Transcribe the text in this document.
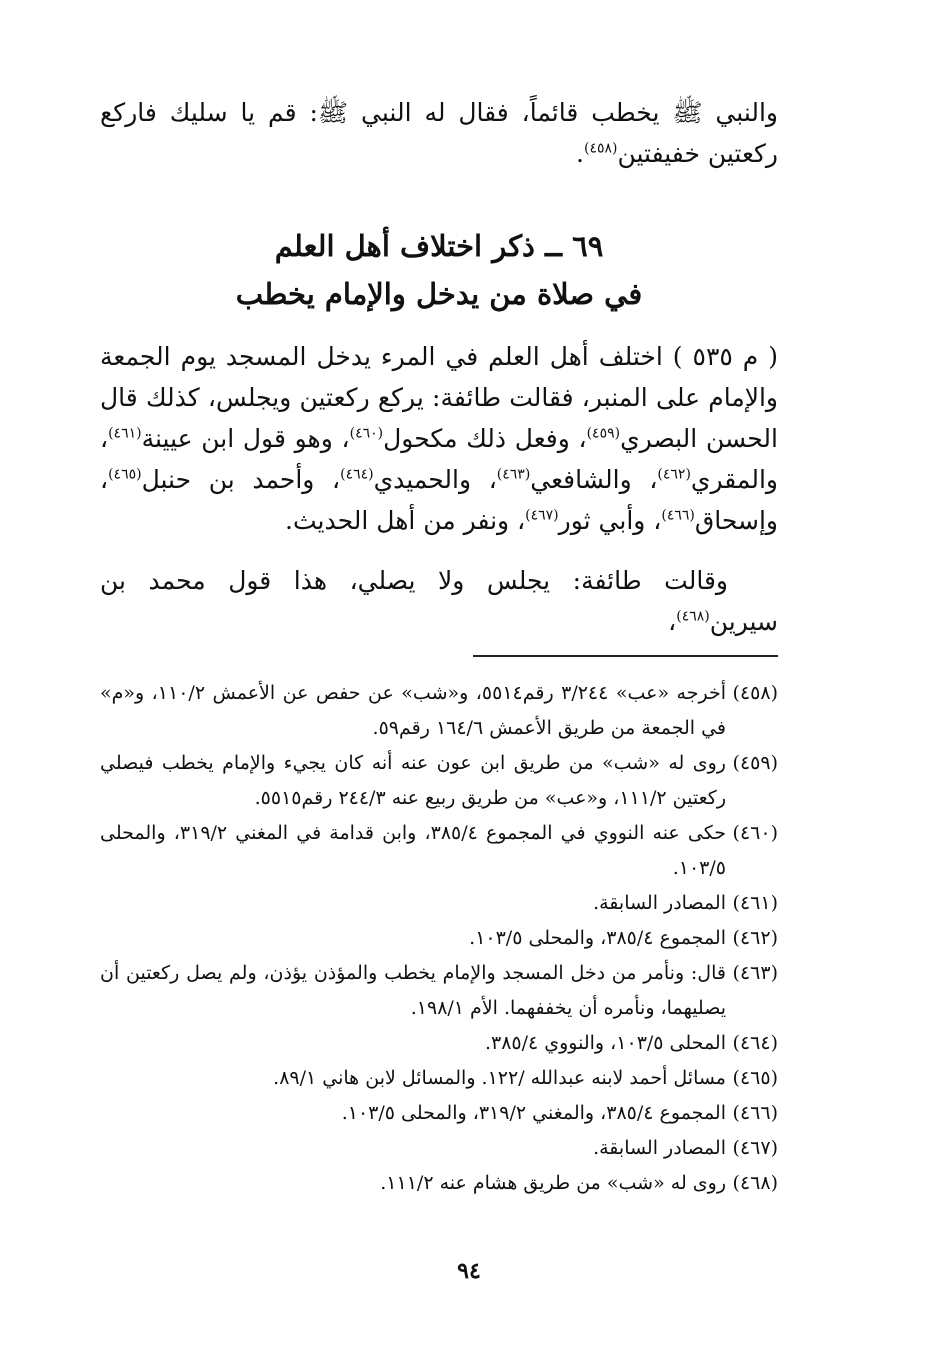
والنبي ﷺ يخطب قائماً، فقال له النبي ﷺ: قم يا سليك فاركع ركعتين خفيفتين$^{(٤٥٨)}$.

٦٩ ــ ذكر اختلاف أهل العلم
في صلاة من يدخل والإمام يخطب

( م ٥٣٥ ) اختلف أهل العلم في المرء يدخل المسجد يوم الجمعة والإمام على المنبر، فقالت طائفة: يركع ركعتين ويجلس، كذلك قال الحسن البصري$^{(٤٥٩)}$، وفعل ذلك مكحول$^{(٤٦٠)}$، وهو قول ابن عيينة$^{(٤٦١)}$، والمقري$^{(٤٦٢)}$، والشافعي$^{(٤٦٣)}$، والحميدي$^{(٤٦٤)}$، وأحمد بن حنبل$^{(٤٦٥)}$، وإسحاق$^{(٤٦٦)}$، وأبي ثور$^{(٤٦٧)}$، ونفر من أهل الحديث.

وقالت طائفة: يجلس ولا يصلي، هذا قول محمد بن سيرين$^{(٤٦٨)}$،

(٤٥٨)
أخرجه «عب» ٣/٢٤٤ رقم٥٥١٤، و«شب» عن حفص عن الأعمش ١١٠/٢، و«م» في الجمعة من طريق الأعمش ١٦٤/٦ رقم٥٩.
(٤٥٩)
روى له «شب» من طريق ابن عون عنه أنه كان يجيء والإمام يخطب فيصلي ركعتين ١١١/٢، و«عب» من طريق ربيع عنه ٢٤٤/٣ رقم٥٥١٥.
(٤٦٠)
حكى عنه النووي في المجموع ٣٨٥/٤، وابن قدامة في المغني ٣١٩/٢، والمحلى ١٠٣/٥.
(٤٦١)
المصادر السابقة.
(٤٦٢)
المجموع ٣٨٥/٤، والمحلى ١٠٣/٥.
(٤٦٣)
قال: ونأمر من دخل المسجد والإمام يخطب والمؤذن يؤذن، ولم يصل ركعتين أن يصليهما، ونأمره أن يخففهما. الأم ١٩٨/١.
(٤٦٤)
المحلى ١٠٣/٥، والنووي ٣٨٥/٤.
(٤٦٥)
مسائل أحمد لابنه عبدالله /١٢٢. والمسائل لابن هاني ٨٩/١.
(٤٦٦)
المجموع ٣٨٥/٤، والمغني ٣١٩/٢، والمحلى ١٠٣/٥.
(٤٦٧)
المصادر السابقة.
(٤٦٨)
روى له «شب» من طريق هشام عنه ١١١/٢.
٩٤
